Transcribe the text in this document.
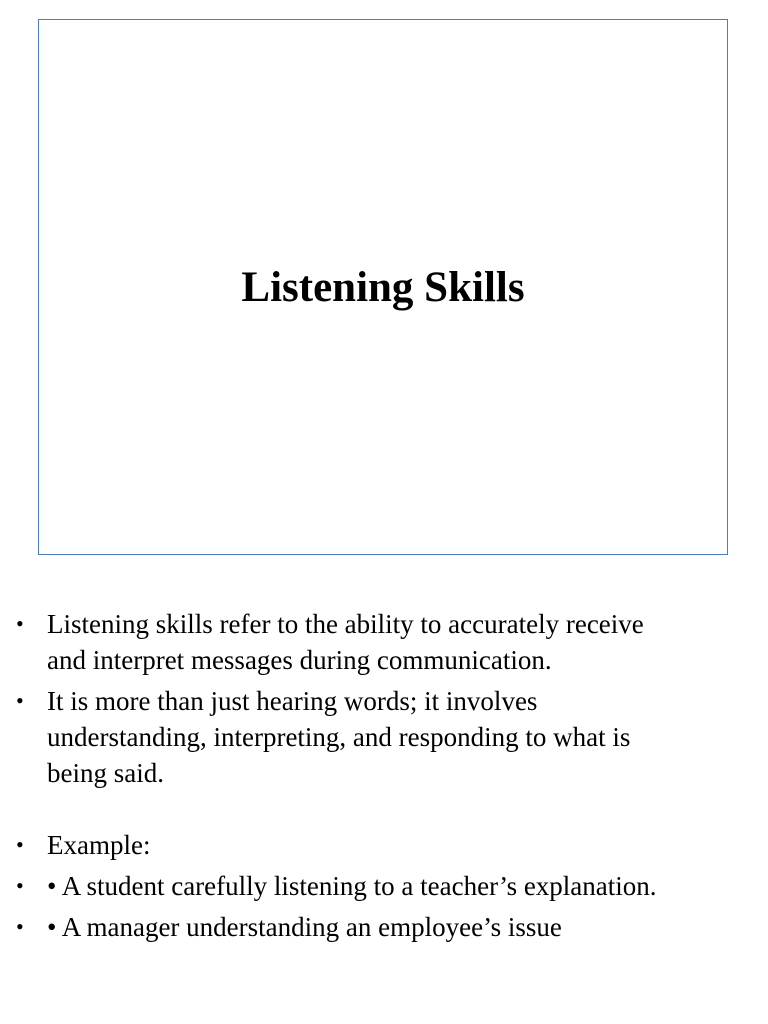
Listening Skills
• Listening skills refer to the ability to accurately receive and interpret messages during communication.
• It is more than just hearing words; it involves understanding, interpreting, and responding to what is being said.
• Example:
• • A student carefully listening to a teacher’s explanation.
• • A manager understanding an employee’s issue
